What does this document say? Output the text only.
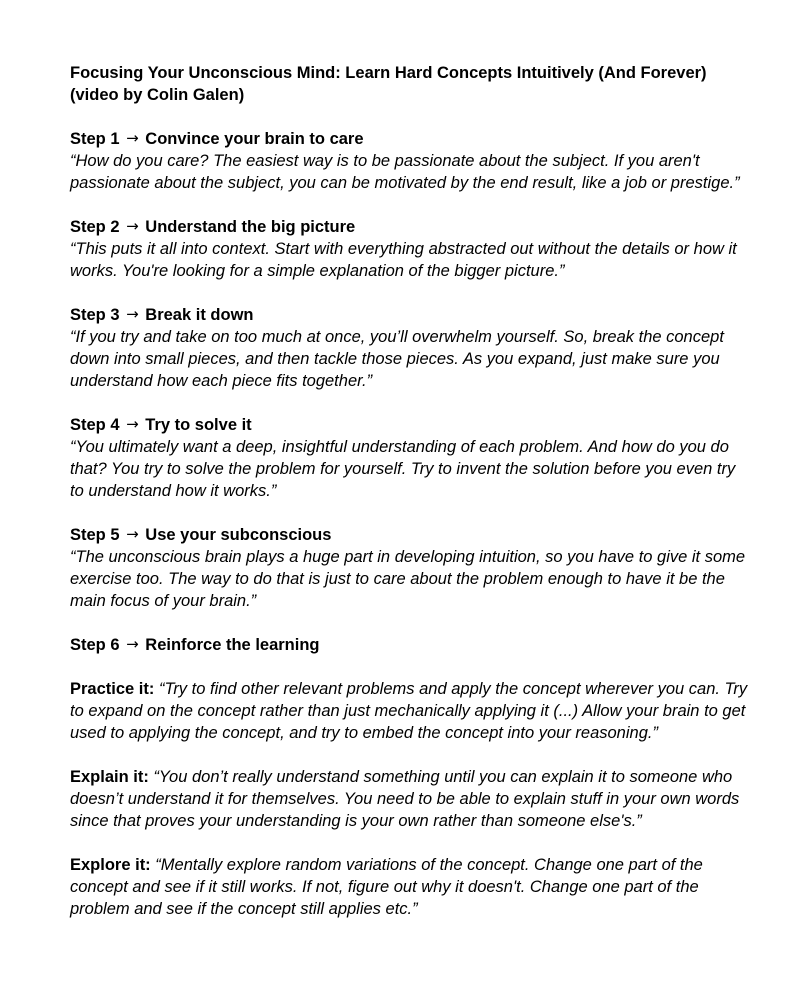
Focusing Your Unconscious Mind: Learn Hard Concepts Intuitively (And Forever)
(video by Colin Galen)
Step 1 → Convince your brain to care
“How do you care? The easiest way is to be passionate about the subject. If you aren't passionate about the subject, you can be motivated by the end result, like a job or prestige.”
Step 2 → Understand the big picture
“This puts it all into context. Start with everything abstracted out without the details or how it works. You're looking for a simple explanation of the bigger picture.”
Step 3 → Break it down
“If you try and take on too much at once, you’ll overwhelm yourself. So, break the concept down into small pieces, and then tackle those pieces. As you expand, just make sure you understand how each piece fits together.”
Step 4 → Try to solve it
“You ultimately want a deep, insightful understanding of each problem. And how do you do that? You try to solve the problem for yourself. Try to invent the solution before you even try to understand how it works.”
Step 5 → Use your subconscious
“The unconscious brain plays a huge part in developing intuition, so you have to give it some exercise too. The way to do that is just to care about the problem enough to have it be the main focus of your brain.”
Step 6 → Reinforce the learning
Practice it: “Try to find other relevant problems and apply the concept wherever you can. Try to expand on the concept rather than just mechanically applying it (...) Allow your brain to get used to applying the concept, and try to embed the concept into your reasoning.”
Explain it: “You don’t really understand something until you can explain it to someone who doesn’t understand it for themselves. You need to be able to explain stuff in your own words since that proves your understanding is your own rather than someone else's.”
Explore it: “Mentally explore random variations of the concept. Change one part of the concept and see if it still works. If not, figure out why it doesn't. Change one part of the problem and see if the concept still applies etc.”
